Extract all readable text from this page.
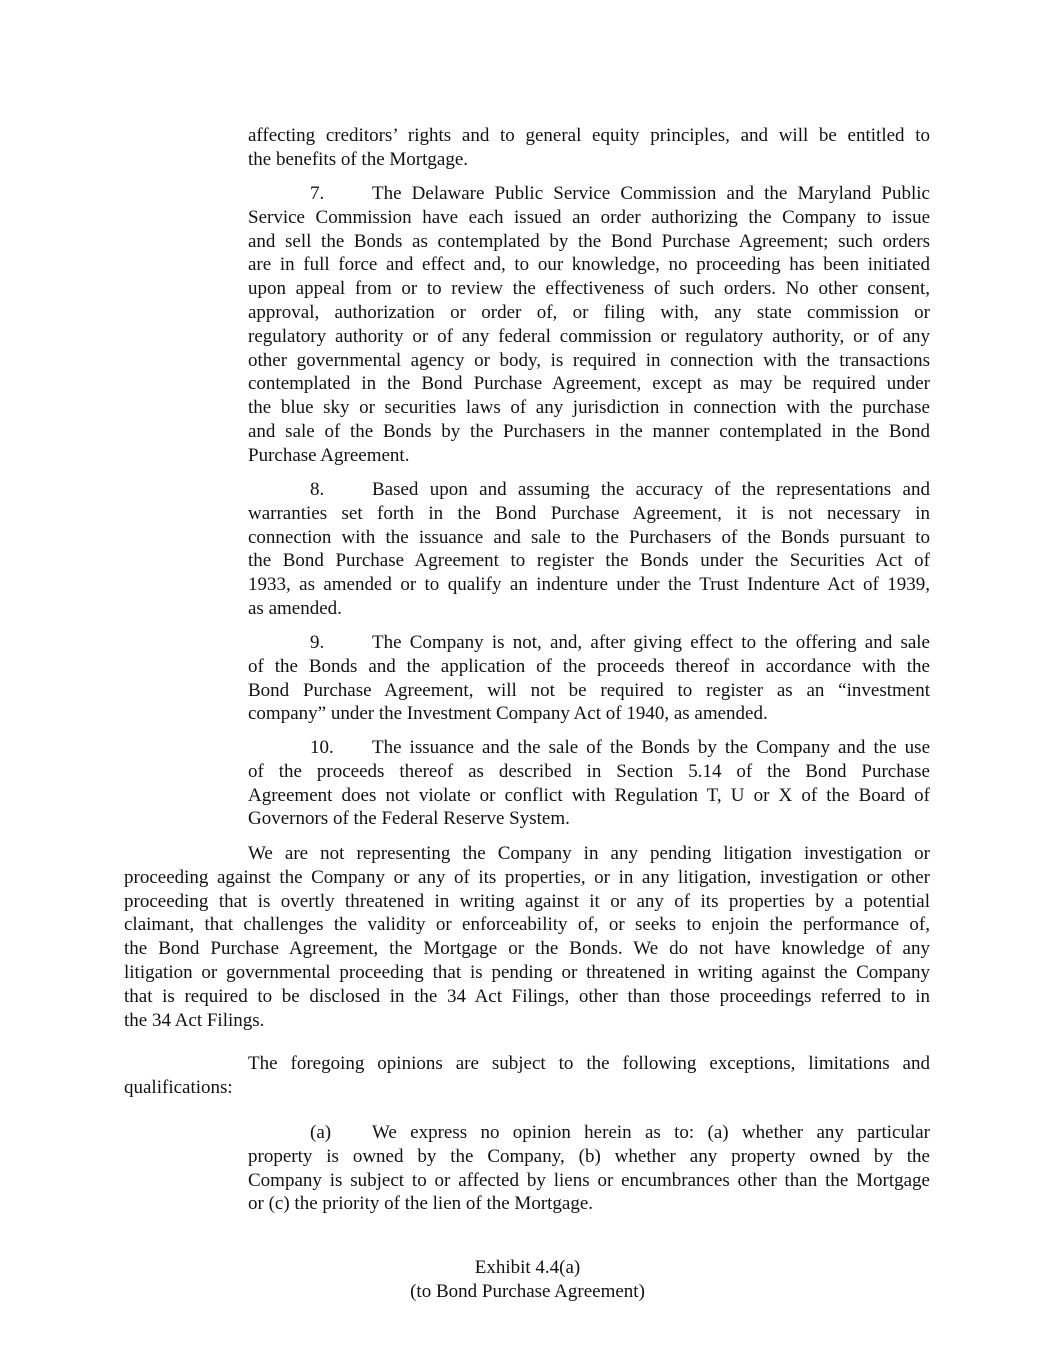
affecting creditors’ rights and to general equity principles, and will be entitled to
the benefits of the Mortgage.
7.	The Delaware Public Service Commission and the Maryland Public
Service Commission have each issued an order authorizing the Company to issue
and sell the Bonds as contemplated by the Bond Purchase Agreement; such orders
are in full force and effect and, to our knowledge, no proceeding has been initiated
upon appeal from or to review the effectiveness of such orders. No other consent,
approval, authorization or order of, or filing with, any state commission or
regulatory authority or of any federal commission or regulatory authority, or of any
other governmental agency or body, is required in connection with the transactions
contemplated in the Bond Purchase Agreement, except as may be required under
the blue sky or securities laws of any jurisdiction in connection with the purchase
and sale of the Bonds by the Purchasers in the manner contemplated in the Bond
Purchase Agreement.
8.	Based upon and assuming the accuracy of the representations and
warranties set forth in the Bond Purchase Agreement, it is not necessary in
connection with the issuance and sale to the Purchasers of the Bonds pursuant to
the Bond Purchase Agreement to register the Bonds under the Securities Act of
1933, as amended or to qualify an indenture under the Trust Indenture Act of 1939,
as amended.
9.	The Company is not, and, after giving effect to the offering and sale
of the Bonds and the application of the proceeds thereof in accordance with the
Bond Purchase Agreement, will not be required to register as an “investment
company” under the Investment Company Act of 1940, as amended.
10.	The issuance and the sale of the Bonds by the Company and the use
of the proceeds thereof as described in Section 5.14 of the Bond Purchase
Agreement does not violate or conflict with Regulation T, U or X of the Board of
Governors of the Federal Reserve System.
We are not representing the Company in any pending litigation investigation or
proceeding against the Company or any of its properties, or in any litigation, investigation or other
proceeding that is overtly threatened in writing against it or any of its properties by a potential
claimant, that challenges the validity or enforceability of, or seeks to enjoin the performance of,
the Bond Purchase Agreement, the Mortgage or the Bonds. We do not have knowledge of any
litigation or governmental proceeding that is pending or threatened in writing against the Company
that is required to be disclosed in the 34 Act Filings, other than those proceedings referred to in
the 34 Act Filings.
The foregoing opinions are subject to the following exceptions, limitations and
qualifications:
(a)	We express no opinion herein as to: (a) whether any particular
property is owned by the Company, (b) whether any property owned by the
Company is subject to or affected by liens or encumbrances other than the Mortgage
or (c) the priority of the lien of the Mortgage.
Exhibit 4.4(a)
(to Bond Purchase Agreement)
